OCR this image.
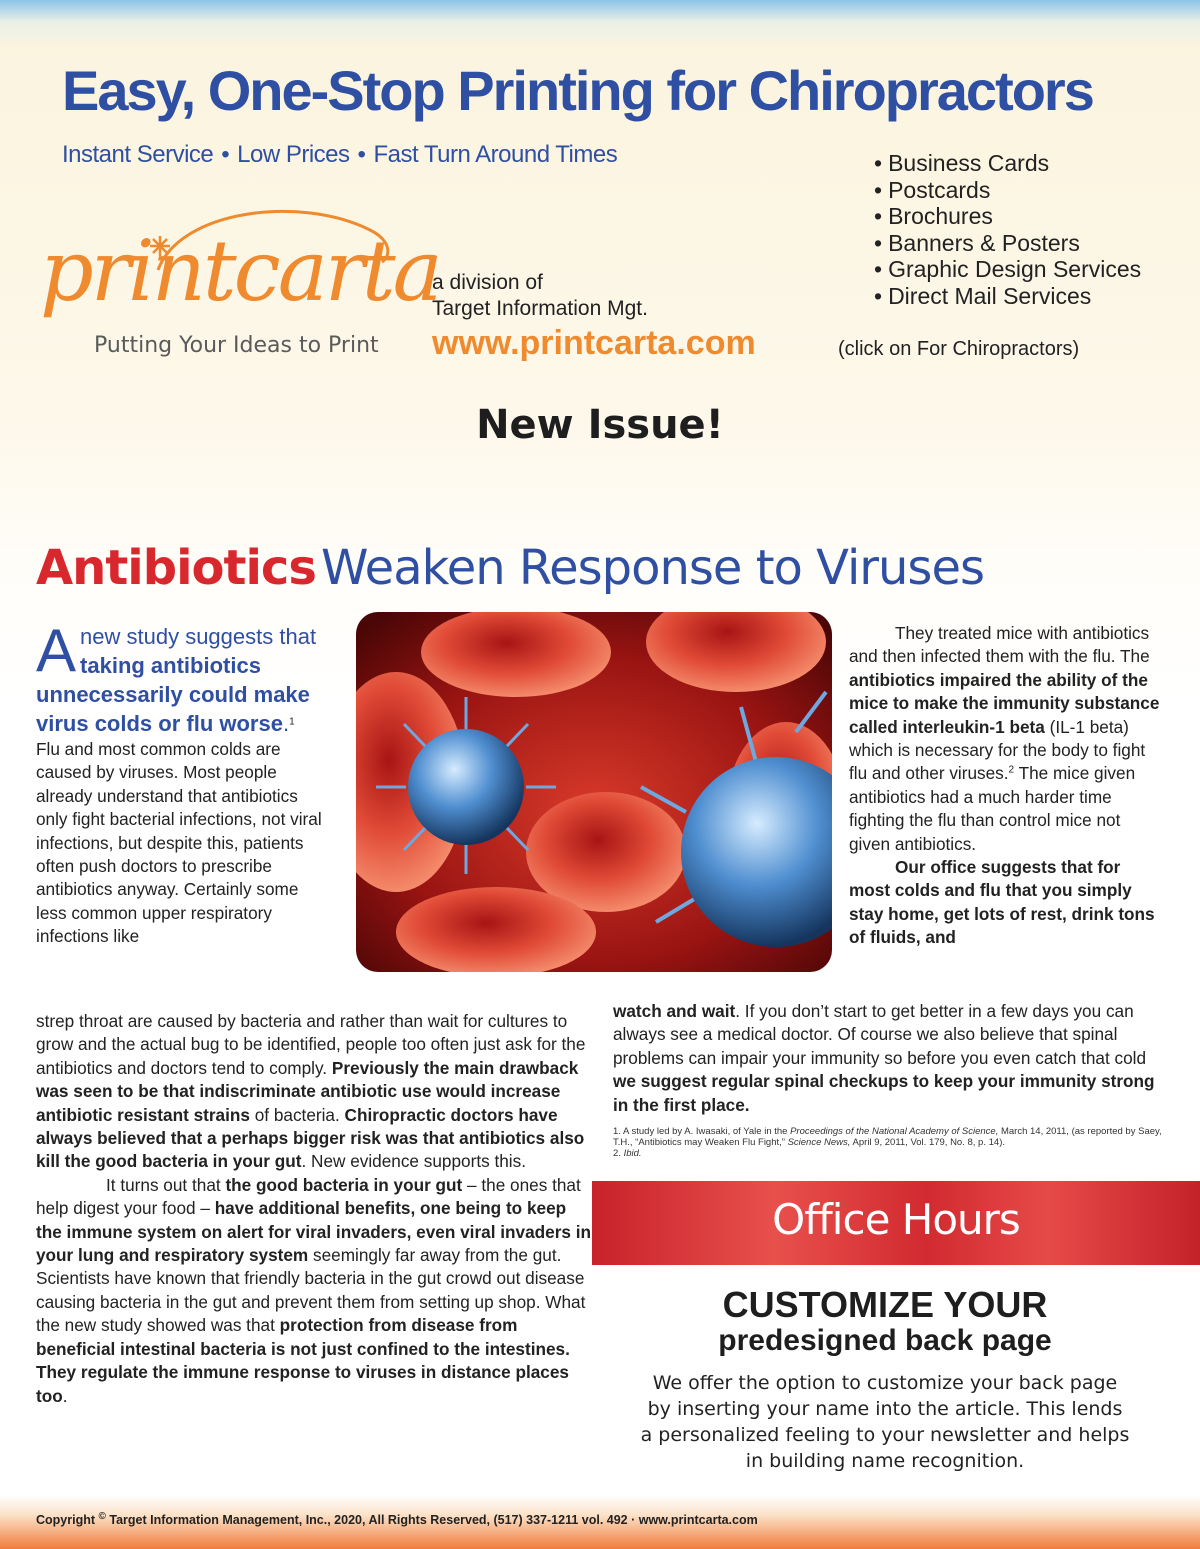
Easy, One-Stop Printing for Chiropractors
Instant Service • Low Prices • Fast Turn Around Times
printcarta
Putting Your Ideas to Print
a division of
Target Information Mgt.
www.printcarta.com	(click on For Chiropractors)
• Business Cards
• Postcards
• Brochures
• Banners & Posters
• Graphic Design Services
• Direct Mail Services
New Issue!
Antibiotics Weaken Response to Viruses
A new study suggests that taking antibiotics unnecessarily could make virus colds or flu worse.$^1$    Flu and most common colds are caused by viruses. Most people already understand that antibiotics only fight bacterial infections, not viral infections, but despite this, patients often push doctors to prescribe antibiotics anyway. Certainly some less common upper respiratory infections like
strep throat are caused by bacteria and rather than wait for cultures to grow and the actual bug to be identified, people too often just ask for the antibiotics and doctors tend to comply. Previously the main drawback was seen to be that indiscriminate antibiotic use would increase antibiotic resistant strains of bacteria. Chiropractic doctors have always believed that a perhaps bigger risk was that antibiotics also kill the good bacteria in your gut. New evidence supports this.
It turns out that the good bacteria in your gut – the ones that help digest your food – have additional benefits, one being to keep the immune system on alert for viral invaders, even viral invaders in your lung and respiratory system seemingly far away from the gut. Scientists have known that friendly bacteria in the gut crowd out disease causing bacteria in the gut and prevent them from setting up shop. What the new study showed was that protection from disease from beneficial intestinal bacteria is not just confined to the intestines. They regulate the immune response to viruses in distance places too.
They treated mice with antibiotics and then infected them with the flu. The antibiotics impaired the ability of the mice to make the immunity substance called interleukin-1 beta (IL-1 beta) which is necessary for the body to fight flu and other viruses.$^2$ The mice given antibiotics had a much harder time fighting the flu than control mice not given antibiotics.
Our office suggests that for most colds and flu that you simply stay home, get lots of rest, drink tons of fluids, and
watch and wait. If you don’t start to get better in a few days you can always see a medical doctor. Of course we also believe that spinal problems can impair your immunity so before you even catch that cold we suggest regular spinal checkups to keep your immunity strong in the first place.
1. A study led by A. Iwasaki, of Yale in the Proceedings of the National Academy of Science, March 14, 2011, (as reported by Saey, T.H., “Antibiotics may Weaken Flu Fight,” Science News, April 9, 2011, Vol. 179, No. 8, p. 14).
2. Ibid.
Office Hours
CUSTOMIZE YOUR
predesigned back page
We offer the option to customize your back page by inserting your name into the article. This lends a personalized feeling to your newsletter and helps in building name recognition.
Copyright © Target Information Management, Inc., 2020, All Rights Reserved, (517) 337-1211 vol. 492 · www.printcarta.com
